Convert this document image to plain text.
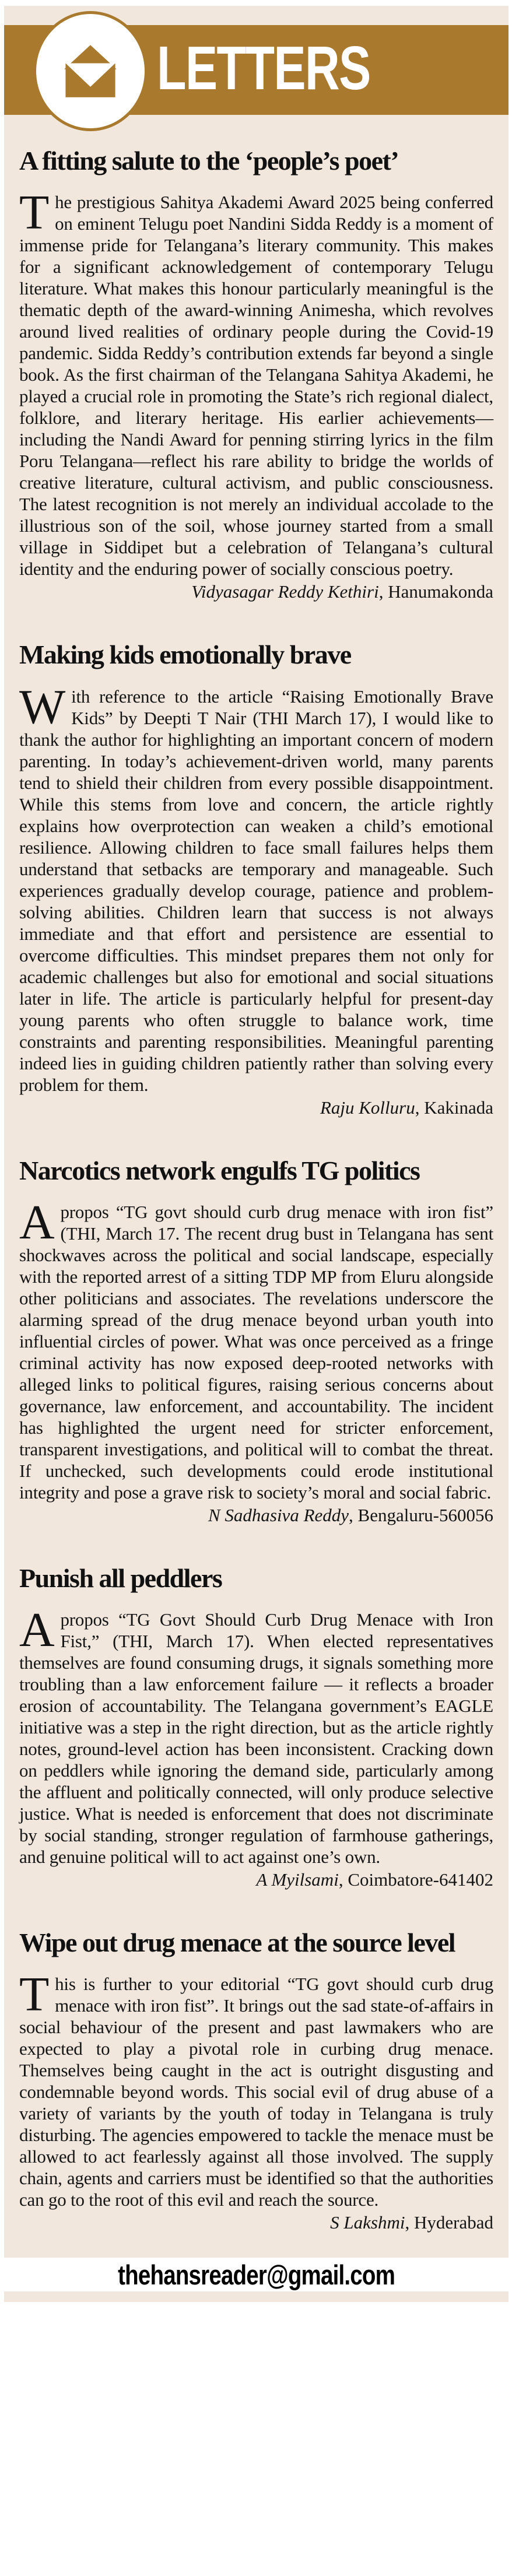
LETTERS
A fitting salute to the ‘people’s poet’

The prestigious Sahitya Akademi Award 2025 being conferred on eminent Telugu poet Nandini Sidda Reddy is a moment of immense pride for Telangana’s literary community. This makes for a significant acknowledgement of contemporary Telugu literature. What makes this honour particularly meaningful is the thematic depth of the award-winning Animesha, which revolves around lived realities of ordinary people during the Covid-19 pandemic. Sidda Reddy’s contribution extends far beyond a single book. As the first chairman of the Telangana Sahitya Akademi, he played a crucial role in promoting the State’s rich regional dialect, folklore, and literary heritage. His earlier achievements—including the Nandi Award for penning stirring lyrics in the film Poru Telangana—reflect his rare ability to bridge the worlds of creative literature, cultural activism, and public consciousness. The latest recognition is not merely an individual accolade to the illustrious son of the soil, whose journey started from a small village in Siddipet but a celebration of Telangana’s cultural identity and the enduring power of socially conscious poetry.

Vidyasagar Reddy Kethiri, Hanumakonda

Making kids emotionally brave

With reference to the article “Raising Emotionally Brave Kids” by Deepti T Nair (THI March 17), I would like to thank the author for highlighting an important concern of modern parenting. In today’s achievement-driven world, many parents tend to shield their children from every possible disappointment. While this stems from love and concern, the article rightly explains how overprotection can weaken a child’s emotional resilience. Allowing children to face small failures helps them understand that setbacks are temporary and manageable. Such experiences gradually develop courage, patience and problem-solving abilities. Children learn that success is not always immediate and that effort and persistence are essential to overcome difficulties. This mindset prepares them not only for academic challenges but also for emotional and social situations later in life. The article is particularly helpful for present-day young parents who often struggle to balance work, time constraints and parenting responsibilities. Meaningful parenting indeed lies in guiding children patiently rather than solving every problem for them.

Raju Kolluru, Kakinada

Narcotics network engulfs TG politics

Apropos “TG govt should curb drug menace with iron fist” (THI, March 17. The recent drug bust in Telangana has sent shockwaves across the political and social landscape, especially with the reported arrest of a sitting TDP MP from Eluru alongside other politicians and associates. The revelations underscore the alarming spread of the drug menace beyond urban youth into influential circles of power. What was once perceived as a fringe criminal activity has now exposed deep-rooted networks with alleged links to political figures, raising serious concerns about governance, law enforcement, and accountability. The incident has highlighted the urgent need for stricter enforcement, transparent investigations, and political will to combat the threat. If unchecked, such developments could erode institutional integrity and pose a grave risk to society’s moral and social fabric.

N Sadhasiva Reddy, Bengaluru-560056

Punish all peddlers

Apropos “TG Govt Should Curb Drug Menace with Iron Fist,” (THI, March 17). When elected representatives themselves are found consuming drugs, it signals something more troubling than a law enforcement failure — it reflects a broader erosion of accountability. The Telangana government’s EAGLE initiative was a step in the right direction, but as the article rightly notes, ground-level action has been inconsistent. Cracking down on peddlers while ignoring the demand side, particularly among the affluent and politically connected, will only produce selective justice. What is needed is enforcement that does not discriminate by social standing, stronger regulation of farmhouse gatherings, and genuine political will to act against one’s own.

A Myilsami, Coimbatore-641402

Wipe out drug menace at the source level

This is further to your editorial “TG govt should curb drug menace with iron fist”. It brings out the sad state-of-affairs in social behaviour of the present and past lawmakers who are expected to play a pivotal role in curbing drug menace. Themselves being caught in the act is outright disgusting and condemnable beyond words. This social evil of drug abuse of a variety of variants by the youth of today in Telangana is truly disturbing. The agencies empowered to tackle the menace must be allowed to act fearlessly against all those involved. The supply chain, agents and carriers must be identified so that the authorities can go to the root of this evil and reach the source.

S Lakshmi, Hyderabad

thehansreader@gmail.com
